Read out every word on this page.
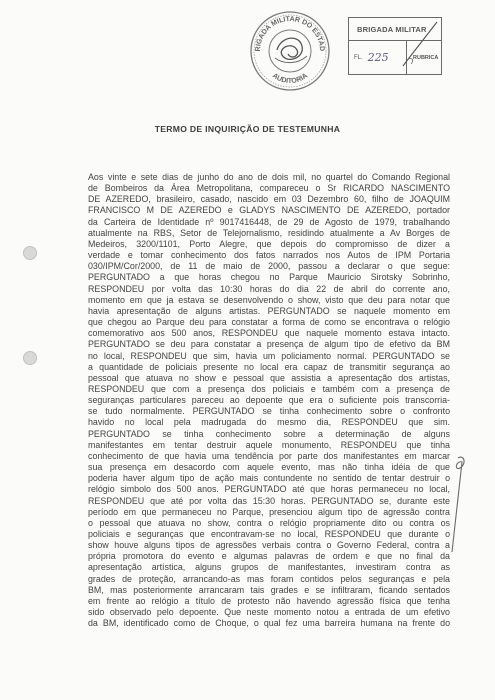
RIGADA MILITAR DO ESTAD
AUDITORIA
BRIGADA MILITAR
FL. 225	RUBRICA
TERMO DE INQUIRIÇÃO DE TESTEMUNHA
Aos vinte e sete dias de junho do ano de dois mil, no quartel do Comando Regional
de Bombeiros da Área Metropolitana, compareceu o Sr RICARDO NASCIMENTO
DE AZEREDO, brasileiro, casado, nascido em 03 Dezembro 60, filho de JOAQUIM
FRANCISCO M DE AZEREDO e GLADYS NASCIMENTO DE AZEREDO, portador
da Carteira de Identidade nº 9017416448, de 29 de Agosto de 1979, trabalhando
atualmente na RBS, Setor de Telejornalismo, residindo atualmente a Av Borges de
Medeiros, 3200/1101, Porto Alegre, que depois do compromisso de dizer a
verdade e tomar conhecimento dos fatos narrados nos Autos de IPM Portaria
030/IPM/Cor/2000, de 11 de maio de 2000, passou a declarar o que segue:
PERGUNTADO a que horas chegou no Parque Mauricio Sirotsky Sobrinho,
RESPONDEU por volta das 10:30 horas do dia 22 de abril do corrente ano,
momento em que ja estava se desenvolvendo o show, visto que deu para notar que
havia apresentação de alguns artistas. PERGUNTADO se naquele momento em
que chegou ao Parque deu para constatar a forma de como se encontrava o relógio
comemorativo aos 500 anos, RESPONDEU que naquele momento estava intacto.
PERGUNTADO se deu para constatar a presença de algum tipo de efetivo da BM
no local, RESPONDEU que sim, havia um policiamento normal. PERGUNTADO se
a quantidade de policiais presente no local era capaz de transmitir segurança ao
pessoal que atuava no show e pessoal que assistia a apresentação dos artistas,
RESPONDEU que com a presença dos policiais e também com a presença de
seguranças particulares pareceu ao depoente que era o suficiente pois transcorria-
se tudo normalmente. PERGUNTADO se tinha conhecimento sobre o confronto
havido no local pela madrugada do mesmo dia, RESPONDEU que sim.
PERGUNTADO se tinha conhecimento sobre a determinação de alguns
manifestantes em tentar destruir aquele monumento, RESPONDEU que tinha
conhecimento de que havia uma tendência por parte dos manifestantes em marcar
sua presença em desacordo com aquele evento, mas não tinha idéia de que
poderia haver algum tipo de ação mais contundente no sentido de tentar destruir o
relógio simbolo dos 500 anos. PERGUNTADO até que horas permaneceu no local,
RESPONDEU que até por volta das 15:30 horas. PERGUNTADO se, durante este
período em que permaneceu no Parque, presenciou algum tipo de agressão contra
o pessoal que atuava no show, contra o relógio propriamente dito ou contra os
policiais e seguranças que encontravam-se no local, RESPONDEU que durante o
show houve alguns tipos de agressões verbais contra o Governo Federal, contra a
própria promotora do evento e algumas palavras de ordem e que no final da
apresentação artística, alguns grupos de manifestantes, investiram contra as
grades de proteção, arrancando-as mas foram contidos pelos seguranças e pela
BM, mas posteriormente arrancaram tais grades e se infiltraram, ficando sentados
em frente ao relógio a título de protesto não havendo agressão física que tenha
sido observado pelo depoente. Que neste momento notou a entrada de um efetivo
da BM, identificado como de Choque, o qual fez uma barreira humana na frente do
